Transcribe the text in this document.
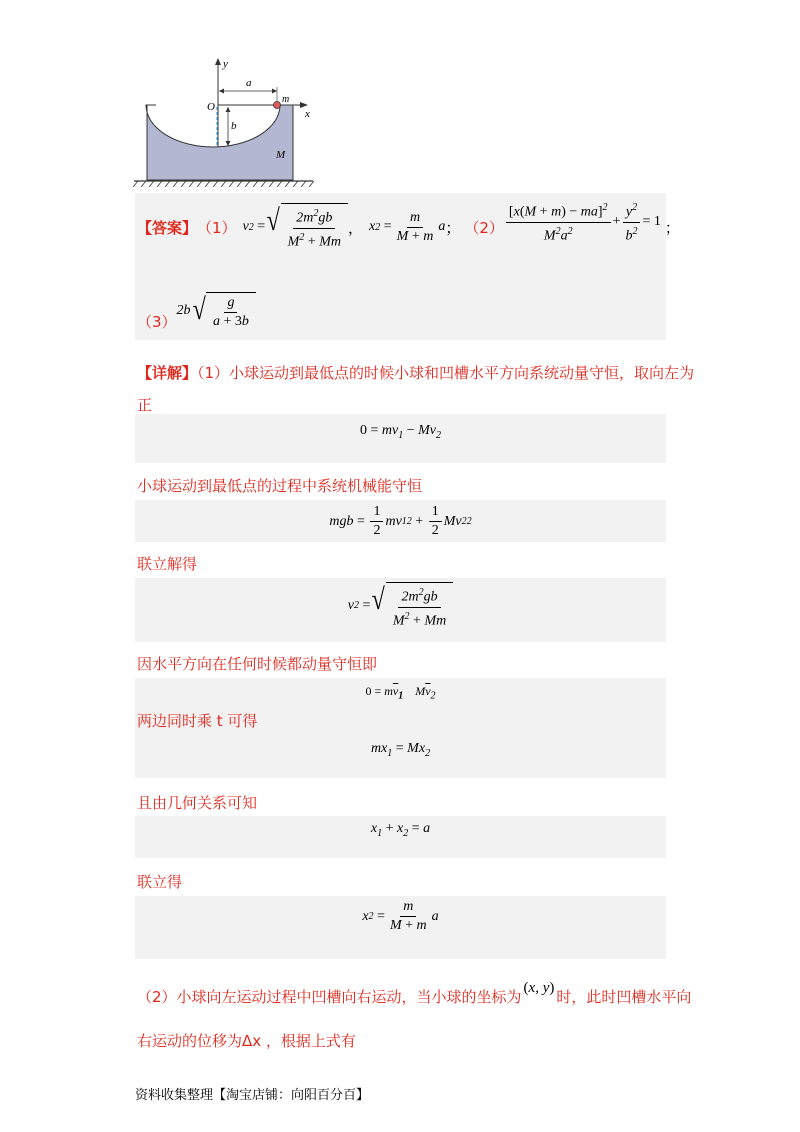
y
x
O
a
b
m
M
【答案】 （1） v 2
= √ $\frac{2m^2gb}{M^2 + Mm}$ ， x 2
= $\frac{m}{M + m}$ a ； $(2) \frac{[x(M + m) - ma]^2}{M^2a^2} + \frac{y^2}{b^2} = 1$ ；
（3）
2b √ $\frac{g}{a + 3b}$
【详解】（1）小球运动到最低点的时候小球和凹槽水平方向系统动量守恒，取向左为
正
$0 = mv_1 - Mv_2$
小球运动到最低点的过程中系统机械能守恒
mgb = $\frac{1}{2}$ mv 1 $2 + \frac{1}{2}$ Mv 2 2
联立解得
v 2
= √ $\frac{2m^2gb}{M^2 + Mm}$
因水平方向在任何时候都动量守恒即
$0 = m\overline{v}_1$    $M\overline{v}_2$
两边同时乘 t 可得
$mx_1 = Mx_2$
且由几何关系可知
$x_1 + x_2 = a$
联立得
x 2
= $\frac{m}{M + m}$ a
（2）小球向左运动过程中凹槽向右运动，当小球的坐标为 (x, y) 时，此时凹槽水平向
右运动的位移为Δx ，根据上式有
资料收集整理【淘宝店铺：向阳百分百】
